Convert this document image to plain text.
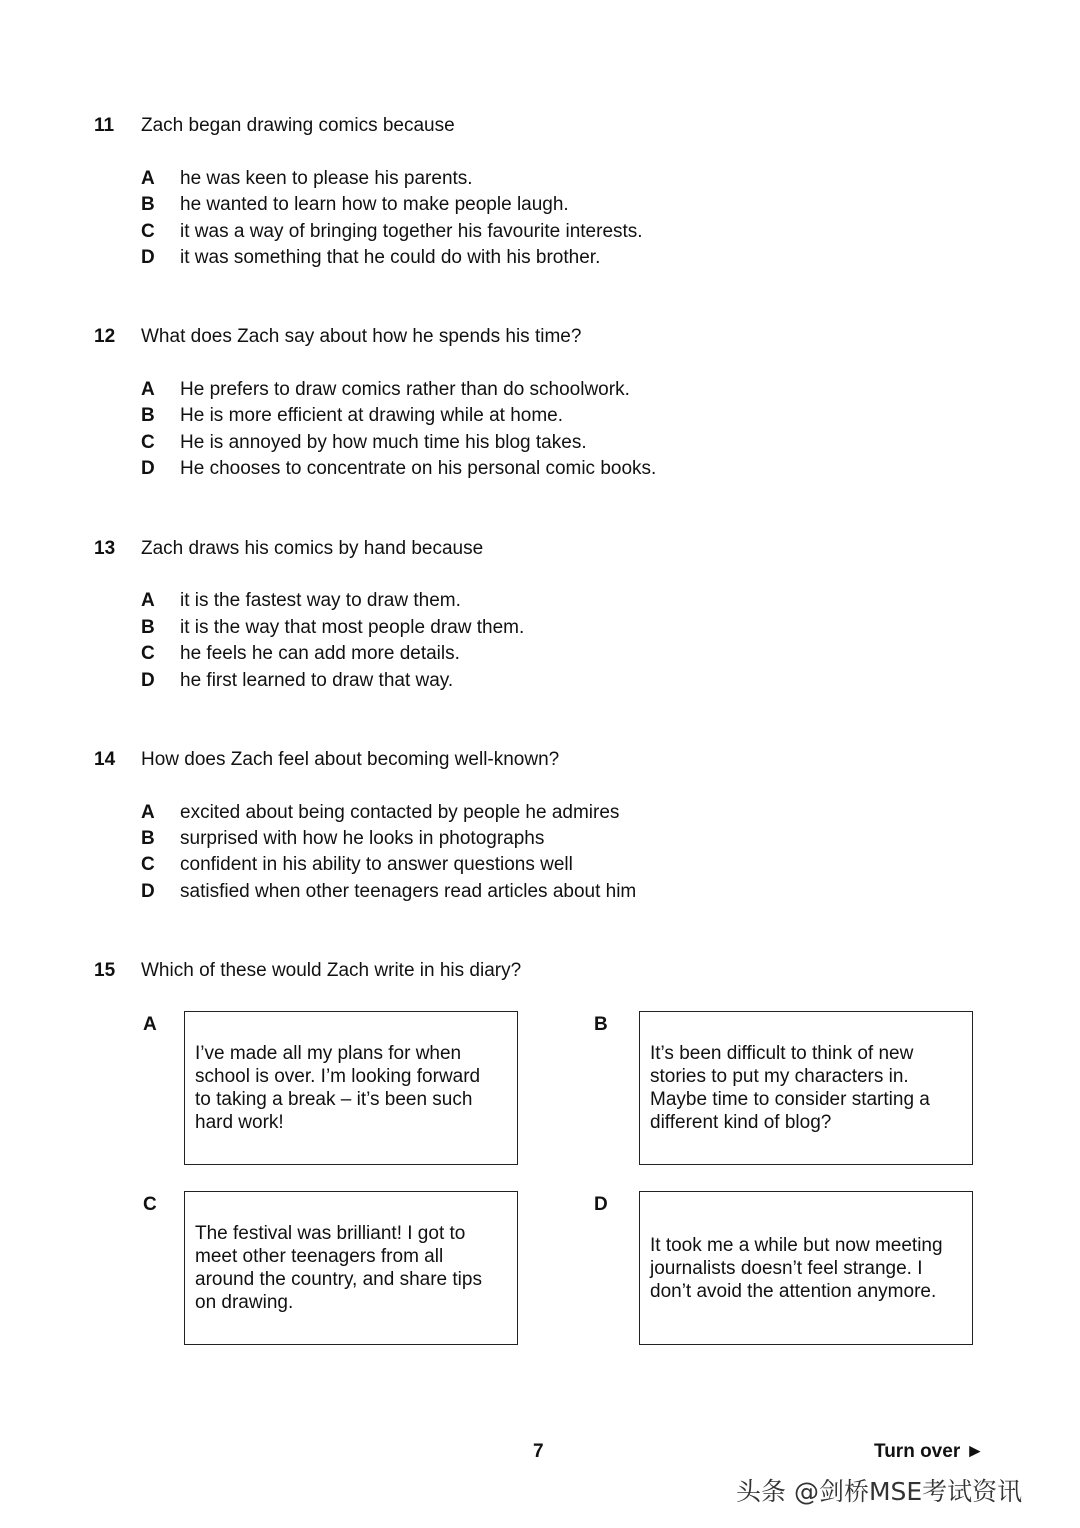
11 Zach began drawing comics because
A he was keen to please his parents.
B he wanted to learn how to make people laugh.
C it was a way of bringing together his favourite interests.
D it was something that he could do with his brother.
12 What does Zach say about how he spends his time?
A He prefers to draw comics rather than do schoolwork.
B He is more efficient at drawing while at home.
C He is annoyed by how much time his blog takes.
D He chooses to concentrate on his personal comic books.
13 Zach draws his comics by hand because
A it is the fastest way to draw them.
B it is the way that most people draw them.
C he feels he can add more details.
D he first learned to draw that way.
14 How does Zach feel about becoming well-known?
A excited about being contacted by people he admires
B surprised with how he looks in photographs
C confident in his ability to answer questions well
D satisfied when other teenagers read articles about him
15 Which of these would Zach write in his diary?
A
I’ve made all my plans for when
school is over. I’m looking forward
to taking a break – it’s been such
hard work!
B
It’s been difficult to think of new
stories to put my characters in.
Maybe time to consider starting a
different kind of blog?
C
The festival was brilliant! I got to
meet other teenagers from all
around the country, and share tips
on drawing.
D
It took me a while but now meeting
journalists doesn’t feel strange. I
don’t avoid the attention anymore.
7	Turn over ►
头条 @剑桥MSE考试资讯
